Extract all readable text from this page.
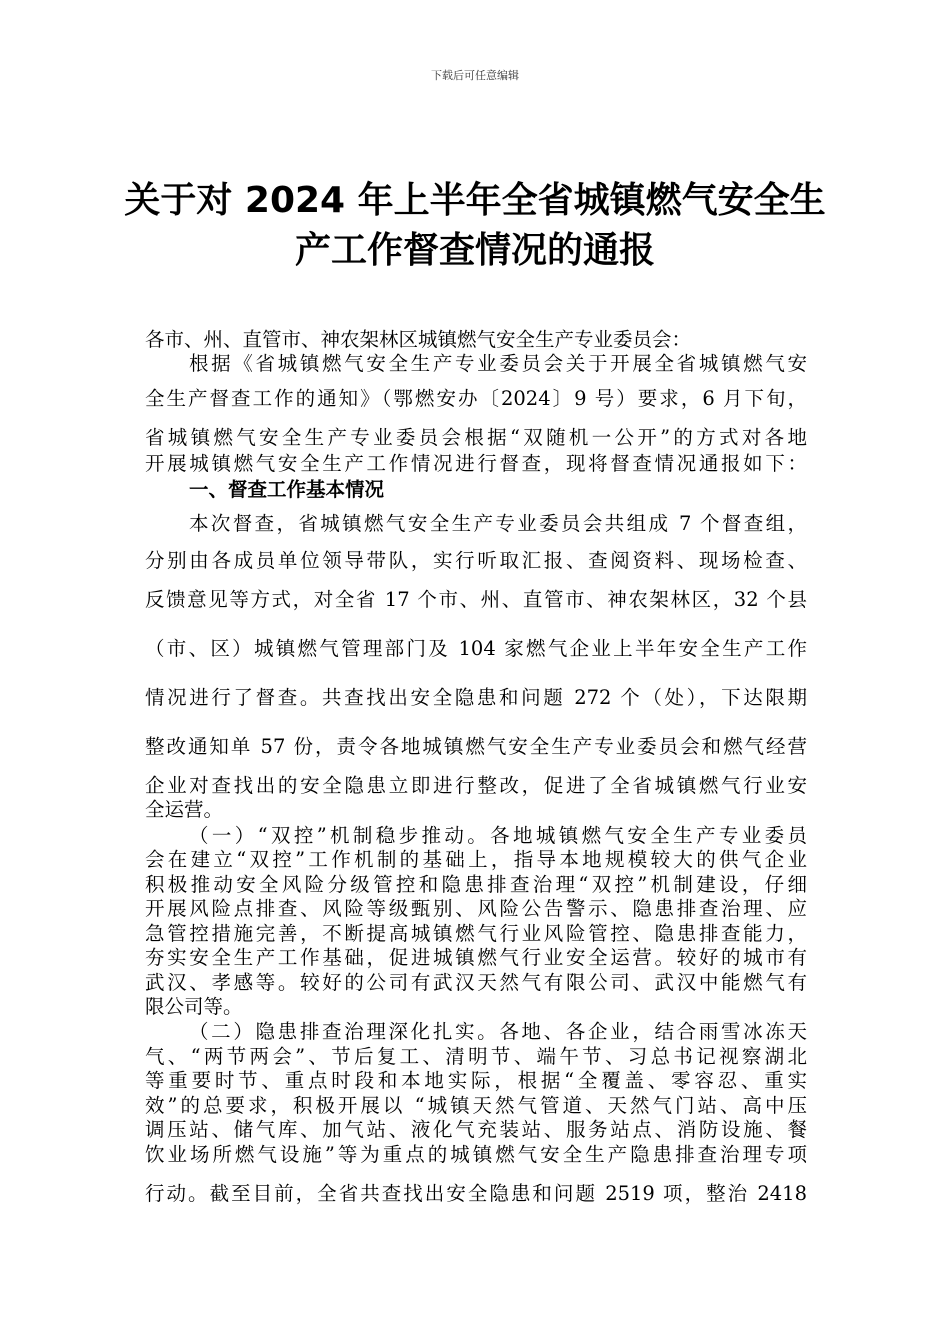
下载后可任意编辑
关于对 2024 年上半年全省城镇燃气安全生
产工作督查情况的通报
各市、州、直管市、神农架林区城镇燃气安全生产专业委员会：
根据《省城镇燃气安全生产专业委员会关于开展全省城镇燃气安
全生产督查工作的通知》（鄂燃安办〔2024〕9 号）要求，6 月下旬，
省城镇燃气安全生产专业委员会根据“双随机一公开”的方式对各地
开展城镇燃气安全生产工作情况进行督查，现将督查情况通报如下：
一、督查工作基本情况
本次督查，省城镇燃气安全生产专业委员会共组成 7 个督查组，
分别由各成员单位领导带队，实行听取汇报、查阅资料、现场检查、
反馈意见等方式，对全省 17 个市、州、直管市、神农架林区，32 个县
（市、区）城镇燃气管理部门及 104 家燃气企业上半年安全生产工作
情况进行了督查。共查找出安全隐患和问题 272 个（处），下达限期
整改通知单 57 份，责令各地城镇燃气安全生产专业委员会和燃气经营
企业对查找出的安全隐患立即进行整改，促进了全省城镇燃气行业安
全运营。
（一）“双控”机制稳步推动。各地城镇燃气安全生产专业委员
会在建立“双控”工作机制的基础上，指导本地规模较大的供气企业
积极推动安全风险分级管控和隐患排查治理“双控”机制建设，仔细
开展风险点排查、风险等级甄别、风险公告警示、隐患排查治理、应
急管控措施完善，不断提高城镇燃气行业风险管控、隐患排查能力，
夯实安全生产工作基础，促进城镇燃气行业安全运营。较好的城市有
武汉、孝感等。较好的公司有武汉天然气有限公司、武汉中能燃气有
限公司等。
（二）隐患排查治理深化扎实。各地、各企业，结合雨雪冰冻天
气、“两节两会”、节后复工、清明节、端午节、习总书记视察湖北
等重要时节、重点时段和本地实际，根据“全覆盖、零容忍、重实
效”的总要求，积极开展以 “城镇天然气管道、天然气门站、高中压
调压站、储气库、加气站、液化气充装站、服务站点、消防设施、餐
饮业场所燃气设施”等为重点的城镇燃气安全生产隐患排查治理专项
行动。截至目前，全省共查找出安全隐患和问题 2519 项，整治 2418
